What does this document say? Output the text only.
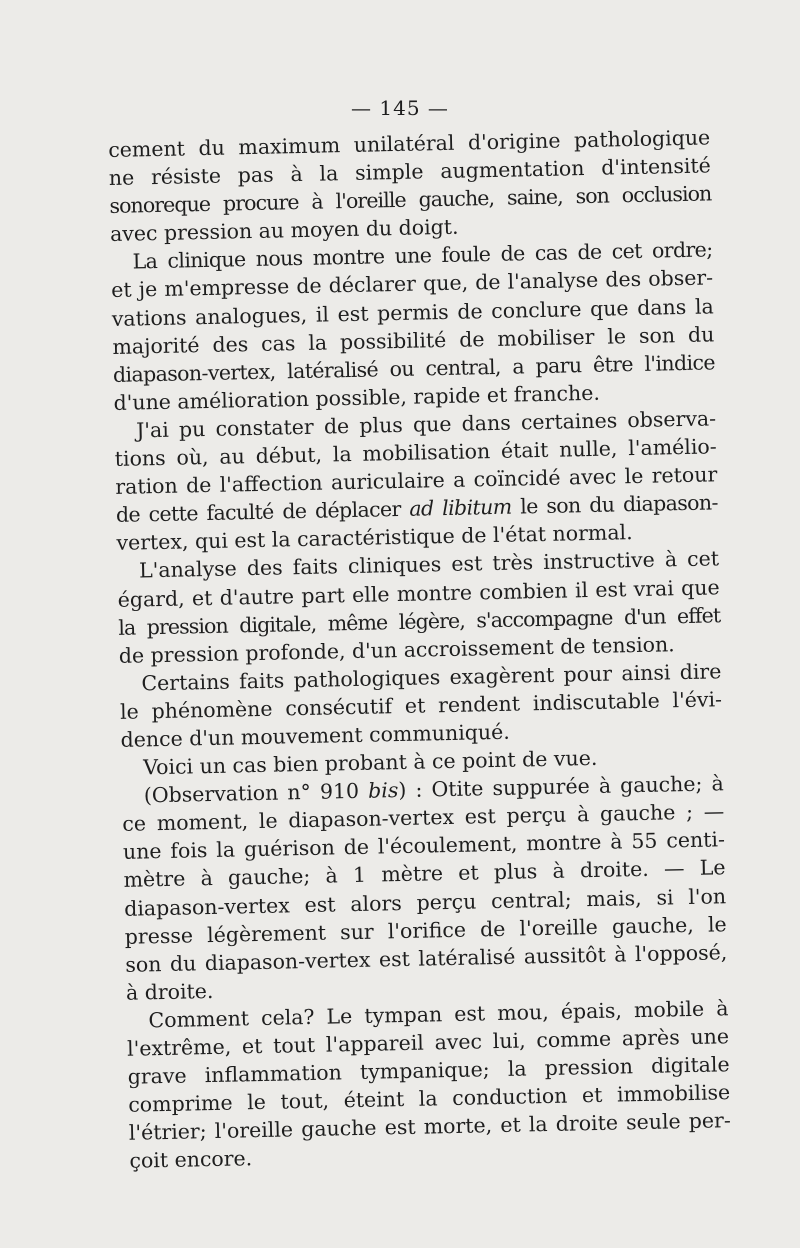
— 145 —
cement du maximum unilatéral d'origine pathologique
ne résiste pas à la simple augmentation d'intensité
sonoreque procure à l'oreille gauche, saine, son occlusion
avec pression au moyen du doigt.
La clinique nous montre une foule de cas de cet ordre;
et je m'empresse de déclarer que, de l'analyse des obser-
vations analogues, il est permis de conclure que dans la
majorité des cas la possibilité de mobiliser le son du
diapason-vertex, latéralisé ou central, a paru être l'indice
d'une amélioration possible, rapide et franche.
J'ai pu constater de plus que dans certaines observa-
tions où, au début, la mobilisation était nulle, l'amélio-
ration de l'affection auriculaire a coïncidé avec le retour
de cette faculté de déplacer ad libitum le son du diapason-
vertex, qui est la caractéristique de l'état normal.
L'analyse des faits cliniques est très instructive à cet
égard, et d'autre part elle montre combien il est vrai que
la pression digitale, même légère, s'accompagne d'un effet
de pression profonde, d'un accroissement de tension.
Certains faits pathologiques exagèrent pour ainsi dire
le phénomène consécutif et rendent indiscutable l'évi-
dence d'un mouvement communiqué.
Voici un cas bien probant à ce point de vue.
(Observation n° 910 bis) : Otite suppurée à gauche; à
ce moment, le diapason-vertex est perçu à gauche ; —
une fois la guérison de l'écoulement, montre à 55 centi-
mètre à gauche; à 1 mètre et plus à droite. — Le
diapason-vertex est alors perçu central; mais, si l'on
presse légèrement sur l'orifice de l'oreille gauche, le
son du diapason-vertex est latéralisé aussitôt à l'opposé,
à droite.
Comment cela? Le tympan est mou, épais, mobile à
l'extrême, et tout l'appareil avec lui, comme après une
grave inflammation tympanique; la pression digitale
comprime le tout, éteint la conduction et immobilise
l'étrier; l'oreille gauche est morte, et la droite seule per-
çoit encore.
